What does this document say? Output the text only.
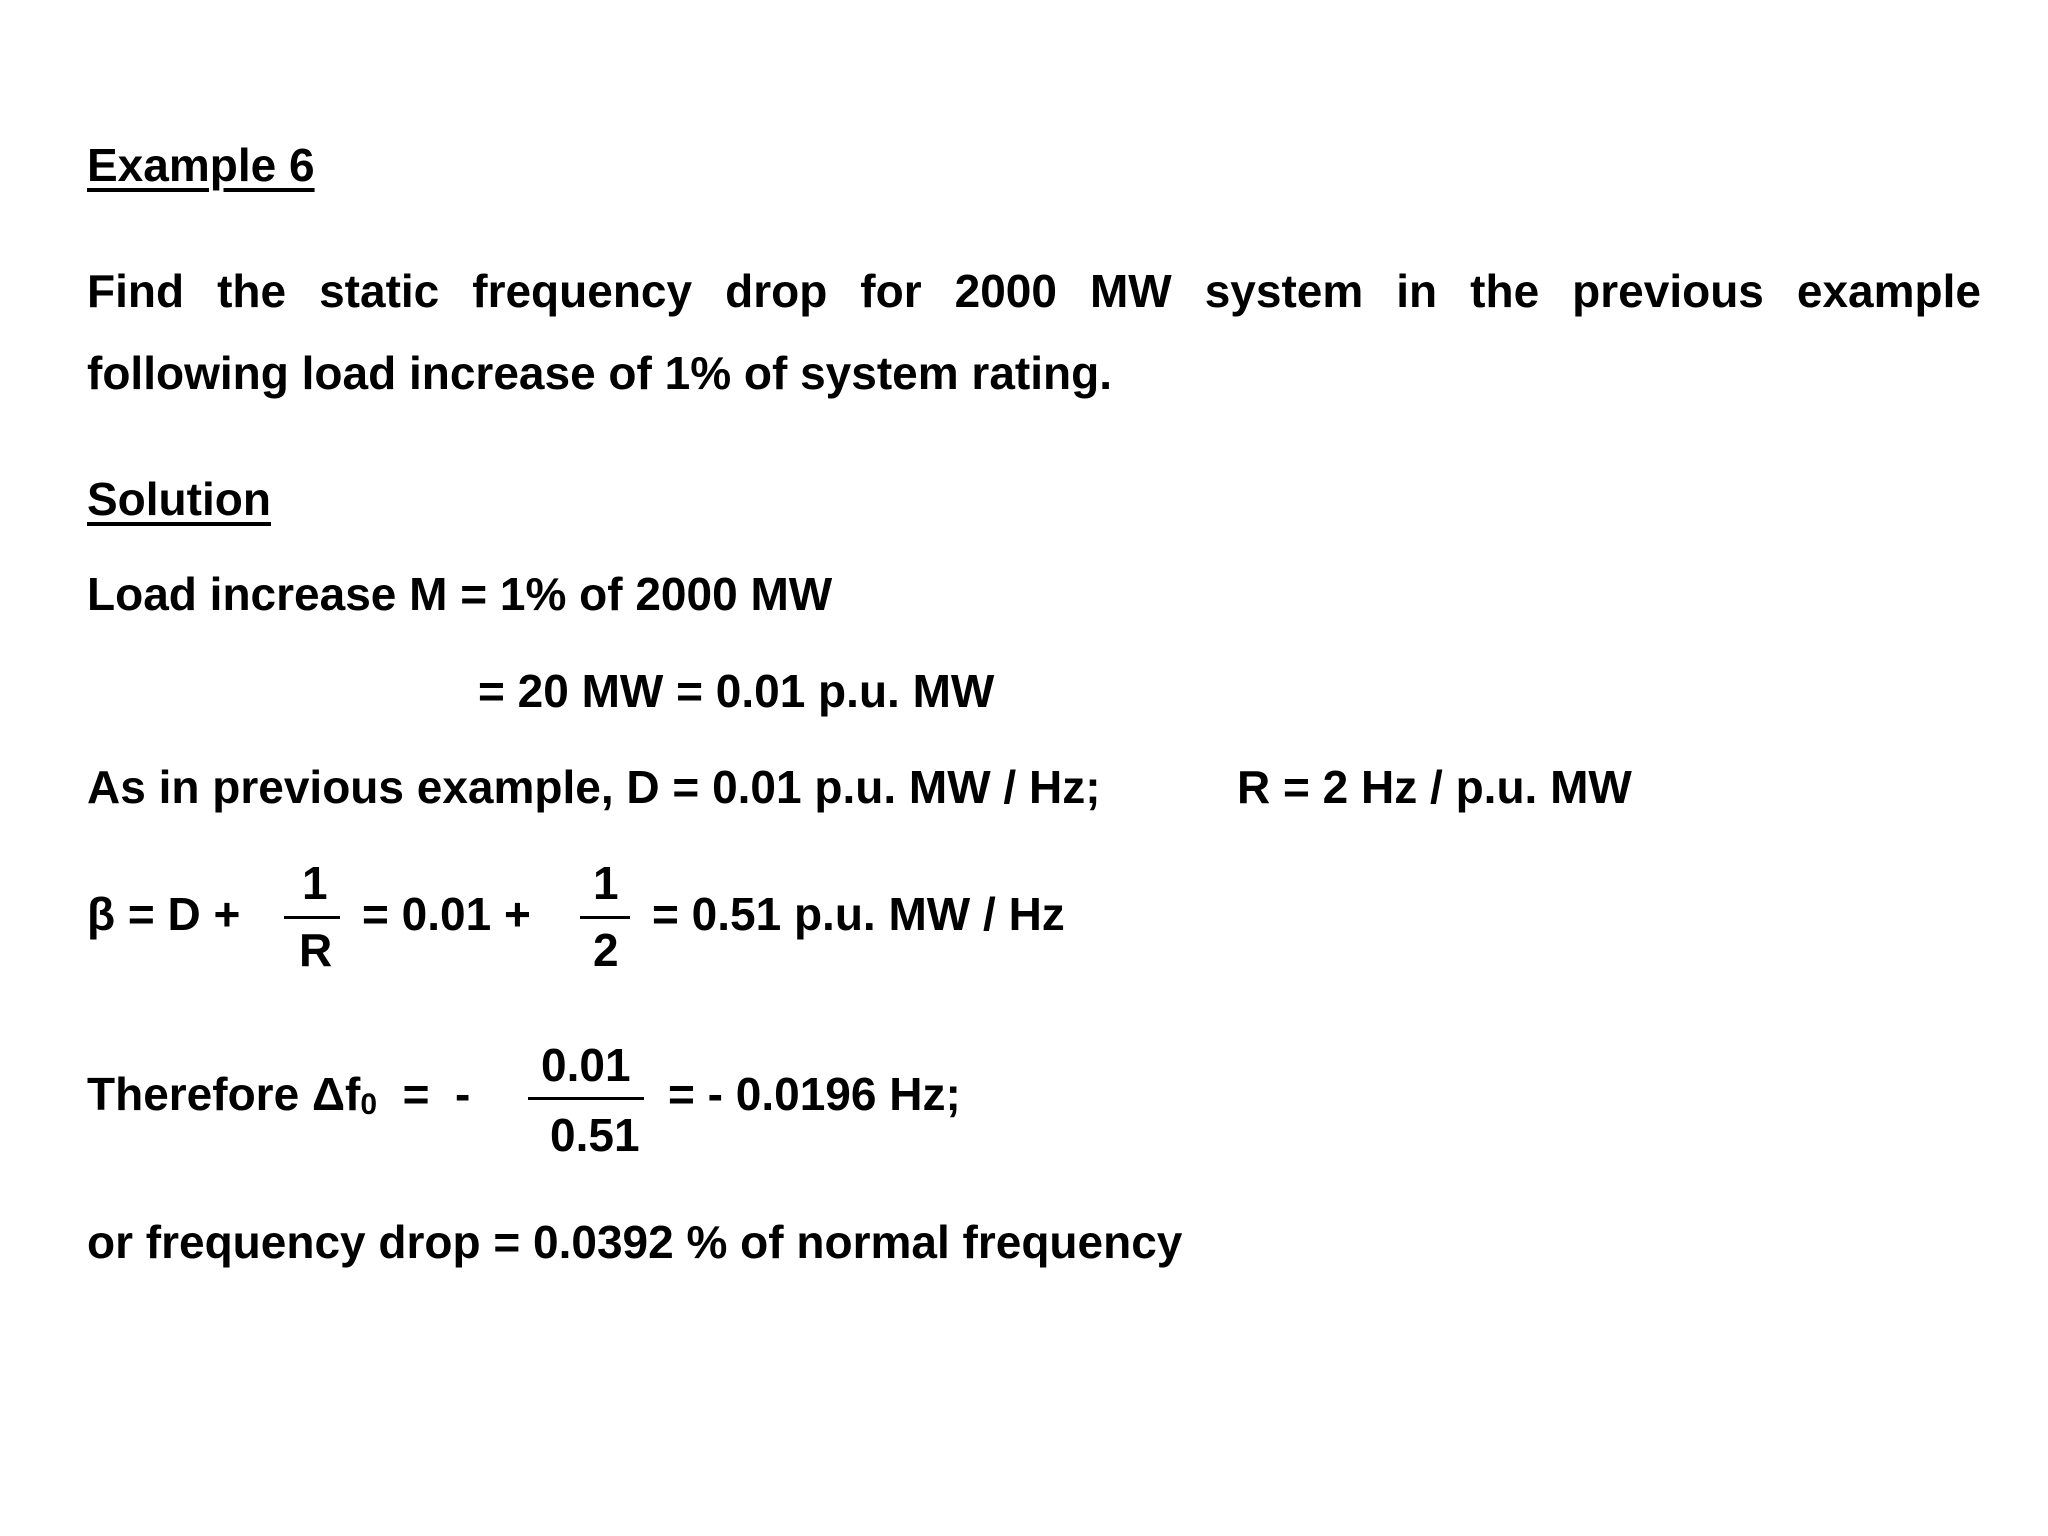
Example 6
Find the static frequency drop for 2000 MW system in the previous example
following load increase of 1% of system rating.
Solution
Load increase M = 1% of 2000 MW
= 20 MW = 0.01 p.u. MW
As in previous example, D = 0.01 p.u. MW / Hz;	R = 2 Hz / p.u. MW
β = D +
1
R
= 0.01 +
1
2
= 0.51 p.u. MW / Hz
Therefore $\Delta f_0$  =  -
0.01
0.51
= - 0.0196 Hz;
or frequency drop = 0.0392 % of normal frequency
